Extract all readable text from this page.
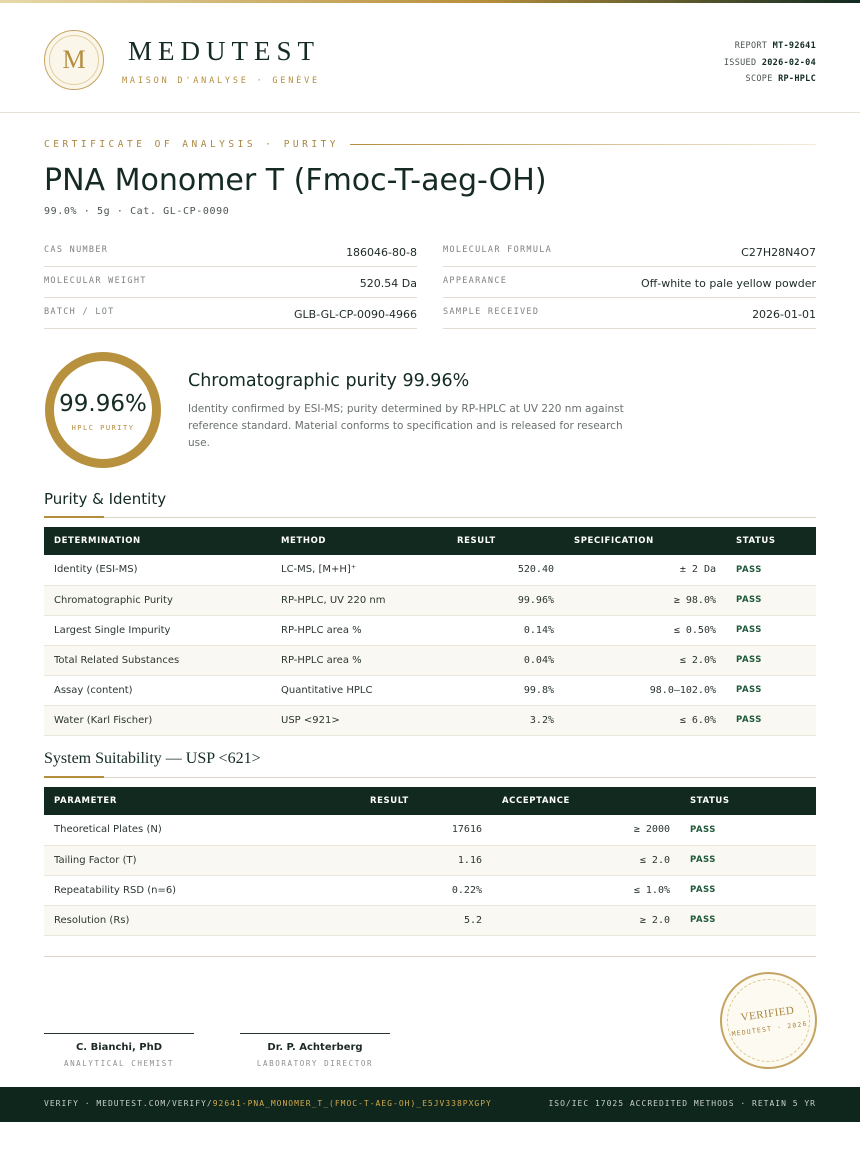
M	MEDUTEST
MAISON D'ANALYSE · GENÈVE
REPORT MT-92641
ISSUED 2026-02-04
SCOPE RP-HPLC
CERTIFICATE OF ANALYSIS · PURITY
PNA Monomer T (Fmoc-T-aeg-OH)
99.0% · 5g · Cat. GL-CP-0090
CAS NUMBER	186046-80-8	MOLECULAR FORMULA	C27H28N4O7
MOLECULAR WEIGHT	520.54 Da	APPEARANCE	Off-white to pale yellow powder
BATCH / LOT	GLB-GL-CP-0090-4966	SAMPLE RECEIVED	2026-01-01
99.96%
HPLC PURITY
Chromatographic purity 99.96%
Identity confirmed by ESI-MS; purity determined by RP-HPLC at UV 220 nm against reference standard. Material conforms to specification and is released for research use.
Purity & Identity
DETERMINATION	METHOD	RESULT	SPECIFICATION	STATUS
Identity (ESI-MS)	LC-MS, [M+H]⁺	520.40	± 2 Da	PASS
Chromatographic Purity	RP-HPLC, UV 220 nm	99.96%	≥ 98.0%	PASS
Largest Single Impurity	RP-HPLC area %	0.14%	≤ 0.50%	PASS
Total Related Substances	RP-HPLC area %	0.04%	≤ 2.0%	PASS
Assay (content)	Quantitative HPLC	99.8%	98.0–102.0%	PASS
Water (Karl Fischer)	USP <921>	3.2%	≤ 6.0%	PASS
System Suitability — USP <621>
PARAMETER	RESULT	ACCEPTANCE	STATUS
Theoretical Plates (N)	17616	≥ 2000	PASS
Tailing Factor (T)	1.16	≤ 2.0	PASS
Repeatability RSD (n=6)	0.22%	≤ 1.0%	PASS
Resolution (Rs)	5.2	≥ 2.0	PASS
C. Bianchi, PhD
ANALYTICAL CHEMIST
Dr. P. Achterberg
LABORATORY DIRECTOR
VERIFIED
MEDUTEST · 2026
VERIFY · MEDUTEST.COM/VERIFY/92641-PNA_MONOMER_T_(FMOC-T-AEG-OH)_E5JV338PXGPY	ISO/IEC 17025 ACCREDITED METHODS · RETAIN 5 YR
